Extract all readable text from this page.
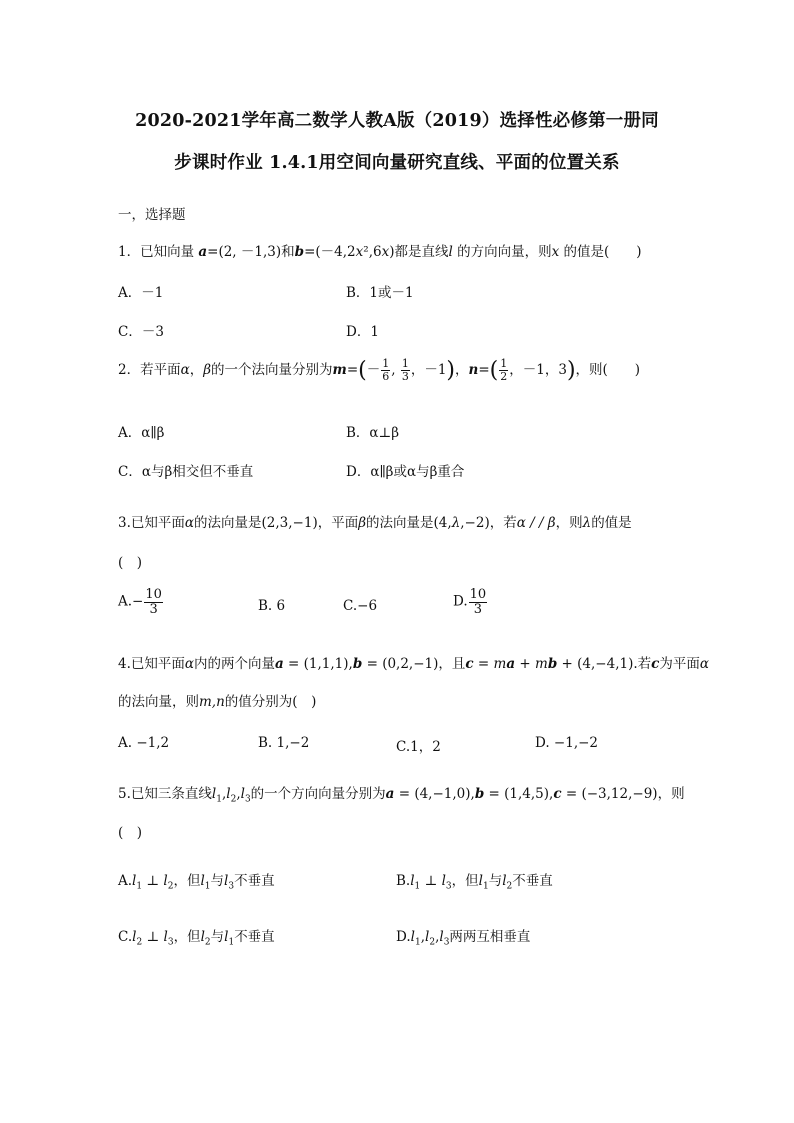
2020-2021学年高二数学人教A版（2019）选择性必修第一册同
步课时作业 1.4.1用空间向量研究直线、平面的位置关系
一，选择题
1．已知向量 a=(2, －1,3)和b=(－4,2x²,6x)都是直线l 的方向向量，则x 的值是(　　)
A．－1	B．1或－1
C．－3	D．1
2．若平面α，β的一个法向量分别为$m=(- \frac{1}{6}$ , $\frac{1}{3}$ ，－1)，$n=( \frac{1}{2}$ ，－1，3)，则(　　)
A．α∥β	B．α⊥β
C．α与β相交但不垂直	D．α∥β或α与β重合
3.已知平面α的法向量是(2,3,−1)，平面β的法向量是(4,λ,−2)，若α / / β，则λ的值是
(　)
$A.- \frac{10}{3}$	B. 6	C.−6	D. $\frac{10}{3}$
4.已知平面α内的两个向量a = (1,1,1),b = (0,2,−1)，且c = ma + mb + (4,−4,1).若c为平面α
的法向量，则m,n的值分别为(　)
A. −1,2	B. 1,−2	C.1，2	D. −1,−2
5.已知三条直线$l_1,l_2,l_3$的一个方向向量分别为a = (4,−1,0),b = (1,4,5),c = (−3,12,−9)，则
(　)
$A.l_1$ ⊥ $l_2$，但$l_1$与$l_3$不垂直	$B.l_1$ ⊥ $l_3$，但$l_1$与$l_2$不垂直
$C.l_2$ ⊥ $l_3$，但$l_2$与$l_1$不垂直	$D.l_1,l_2,l_3$两两互相垂直
